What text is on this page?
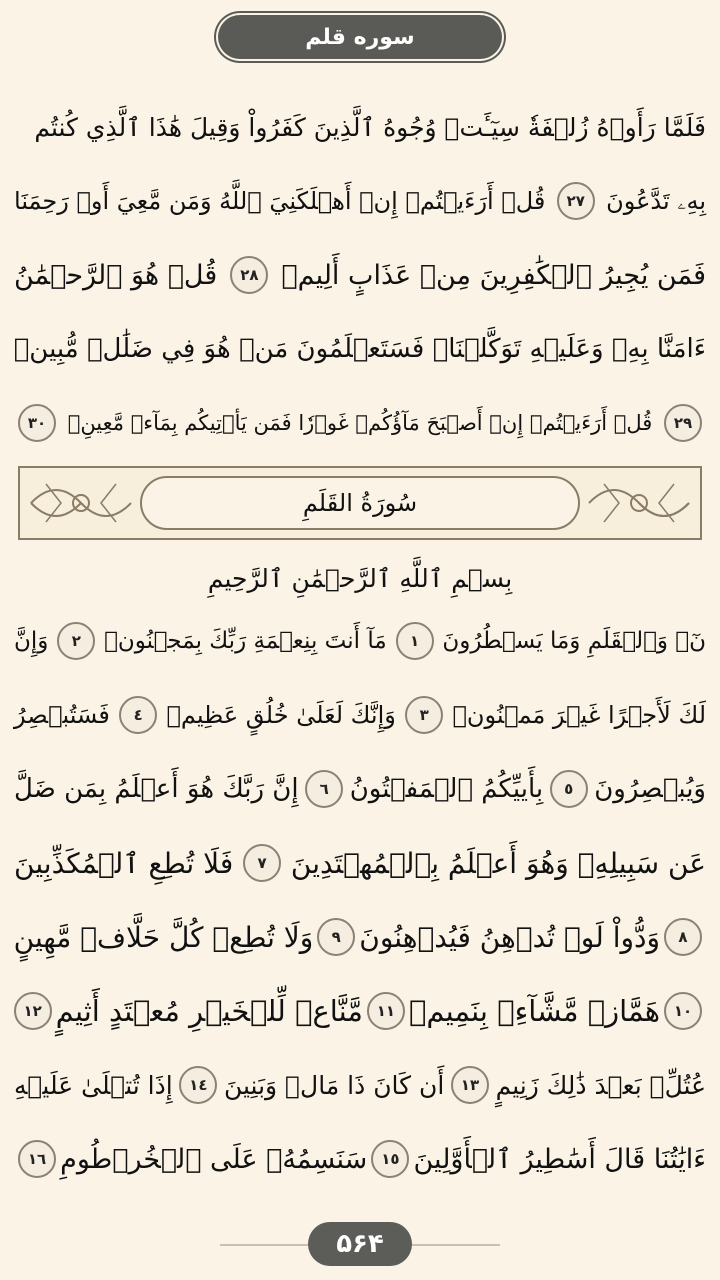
سوره قلم
فَلَمَّا رَأَوۡهُ زُلۡفَةٗ سِيٓـَٔتۡ وُجُوهُ ٱلَّذِينَ كَفَرُواْ وَقِيلَ هَٰذَا ٱلَّذِي كُنتُم
بِهِۦ تَدَّعُونَ
٢٧
قُلۡ أَرَءَيۡتُمۡ إِنۡ أَهۡلَكَنِيَ ٱللَّهُ وَمَن مَّعِيَ أَوۡ رَحِمَنَا
فَمَن يُجِيرُ ٱلۡكَٰفِرِينَ مِنۡ عَذَابٍ أَلِيمٖ
٢٨
قُلۡ هُوَ ٱلرَّحۡمَٰنُ
ءَامَنَّا بِهِۦ وَعَلَيۡهِ تَوَكَّلۡنَاۖ فَسَتَعۡلَمُونَ مَنۡ هُوَ فِي ضَلَٰلٖ مُّبِينٖ
٢٩
قُلۡ أَرَءَيۡتُمۡ إِنۡ أَصۡبَحَ مَآؤُكُمۡ غَوۡرٗا فَمَن يَأۡتِيكُم بِمَآءٖ مَّعِينِۭ
٣٠
سُورَةُ القَلَمِ
بِسۡمِ ٱللَّهِ ٱلرَّحۡمَٰنِ ٱلرَّحِيمِ
نٓۚ وَٱلۡقَلَمِ وَمَا يَسۡطُرُونَ
١
مَآ أَنتَ بِنِعۡمَةِ رَبِّكَ بِمَجۡنُونٖ
٢
وَإِنَّ
لَكَ لَأَجۡرًا غَيۡرَ مَمۡنُونٖ
٣
وَإِنَّكَ لَعَلَىٰ خُلُقٍ عَظِيمٖ
٤
فَسَتُبۡصِرُ
وَيُبۡصِرُونَ
٥
بِأَييِّكُمُ ٱلۡمَفۡتُونُ
٦
إِنَّ رَبَّكَ هُوَ أَعۡلَمُ بِمَن ضَلَّ
عَن سَبِيلِهِۦ وَهُوَ أَعۡلَمُ بِٱلۡمُهۡتَدِينَ
٧
فَلَا تُطِعِ ٱلۡمُكَذِّبِينَ
٨
وَدُّواْ لَوۡ تُدۡهِنُ فَيُدۡهِنُونَ
٩
وَلَا تُطِعۡ كُلَّ حَلَّافٖ مَّهِينٍ
١٠
هَمَّازٖ مَّشَّآءِۭ بِنَمِيمٖ
١١
مَّنَّاعٖ لِّلۡخَيۡرِ مُعۡتَدٍ أَثِيمٍ
١٢
عُتُلِّۭ بَعۡدَ ذَٰلِكَ زَنِيمٍ
١٣
أَن كَانَ ذَا مَالٖ وَبَنِينَ
١٤
إِذَا تُتۡلَىٰ عَلَيۡهِ
ءَايَٰتُنَا قَالَ أَسَٰطِيرُ ٱلۡأَوَّلِينَ
١٥
سَنَسِمُهُۥ عَلَى ٱلۡخُرۡطُومِ
١٦
۵۶۴
